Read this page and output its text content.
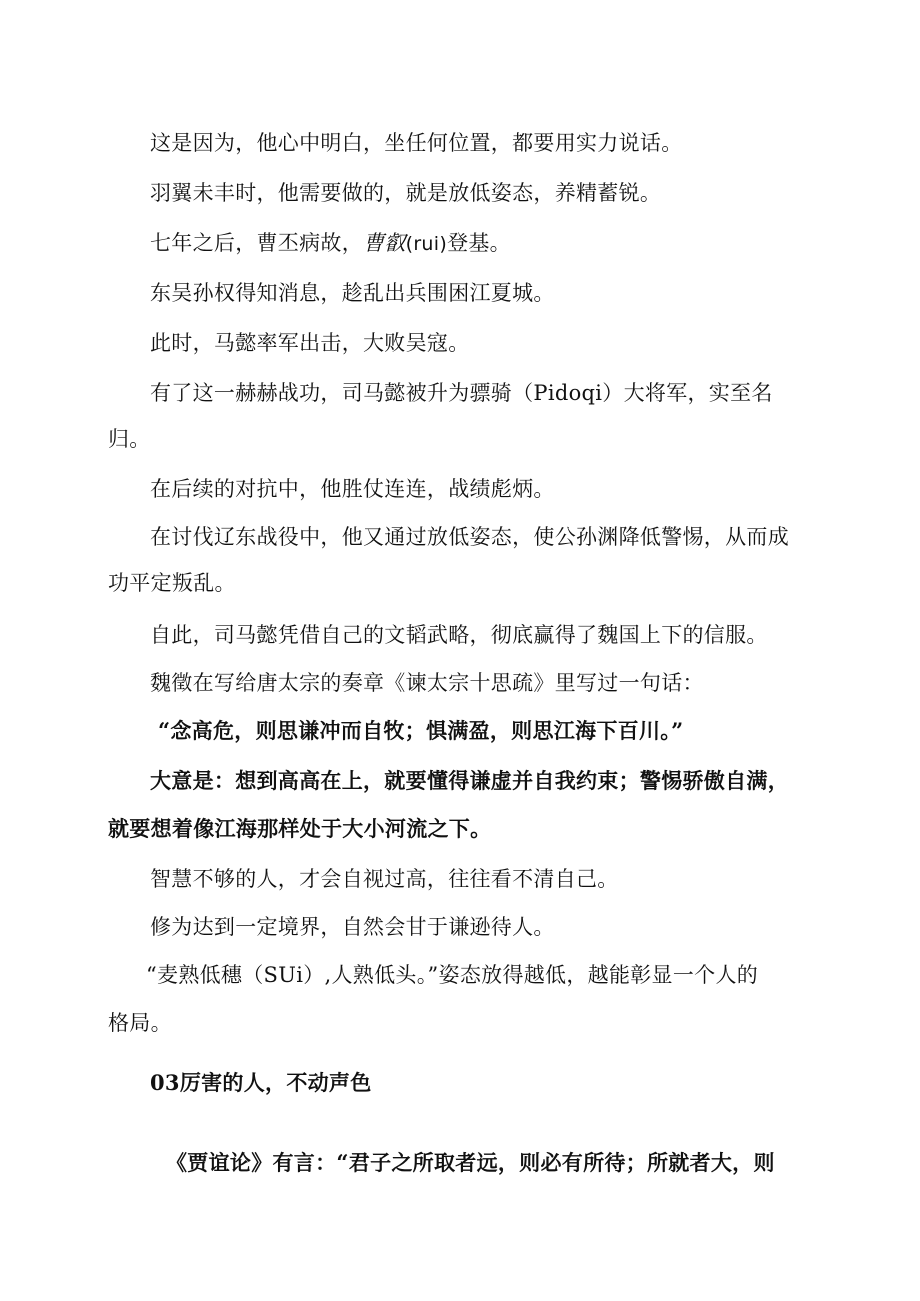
这是因为，他心中明白，坐任何位置，都要用实力说话。
羽翼未丰时，他需要做的，就是放低姿态，养精蓄锐。
七年之后，曹丕病故，曹叡(rui)登基。
东吴孙权得知消息，趁乱出兵围困江夏城。
此时，马懿率军出击，大败吴寇。
有了这一赫赫战功，司马懿被升为骠骑（Pidoqi）大将军，实至名
归。
在后续的对抗中，他胜仗连连，战绩彪炳。
在讨伐辽东战役中，他又通过放低姿态，使公孙渊降低警惕，从而成
功平定叛乱。
自此，司马懿凭借自己的文韬武略，彻底赢得了魏国上下的信服。
魏徵在写给唐太宗的奏章《谏太宗十思疏》里写过一句话：
“念高危，则思谦冲而自牧；惧满盈，则思江海下百川。”
大意是：想到高高在上，就要懂得谦虚并自我约束；警惕骄傲自满，
就要想着像江海那样处于大小河流之下。
智慧不够的人，才会自视过高，往往看不清自己。
修为达到一定境界，自然会甘于谦逊待人。
“麦熟低穗（SUi）,人熟低头。”姿态放得越低，越能彰显一个人的
格局。
03厉害的人，不动声色
《贾谊论》有言：“君子之所取者远，则必有所待；所就者大，则
